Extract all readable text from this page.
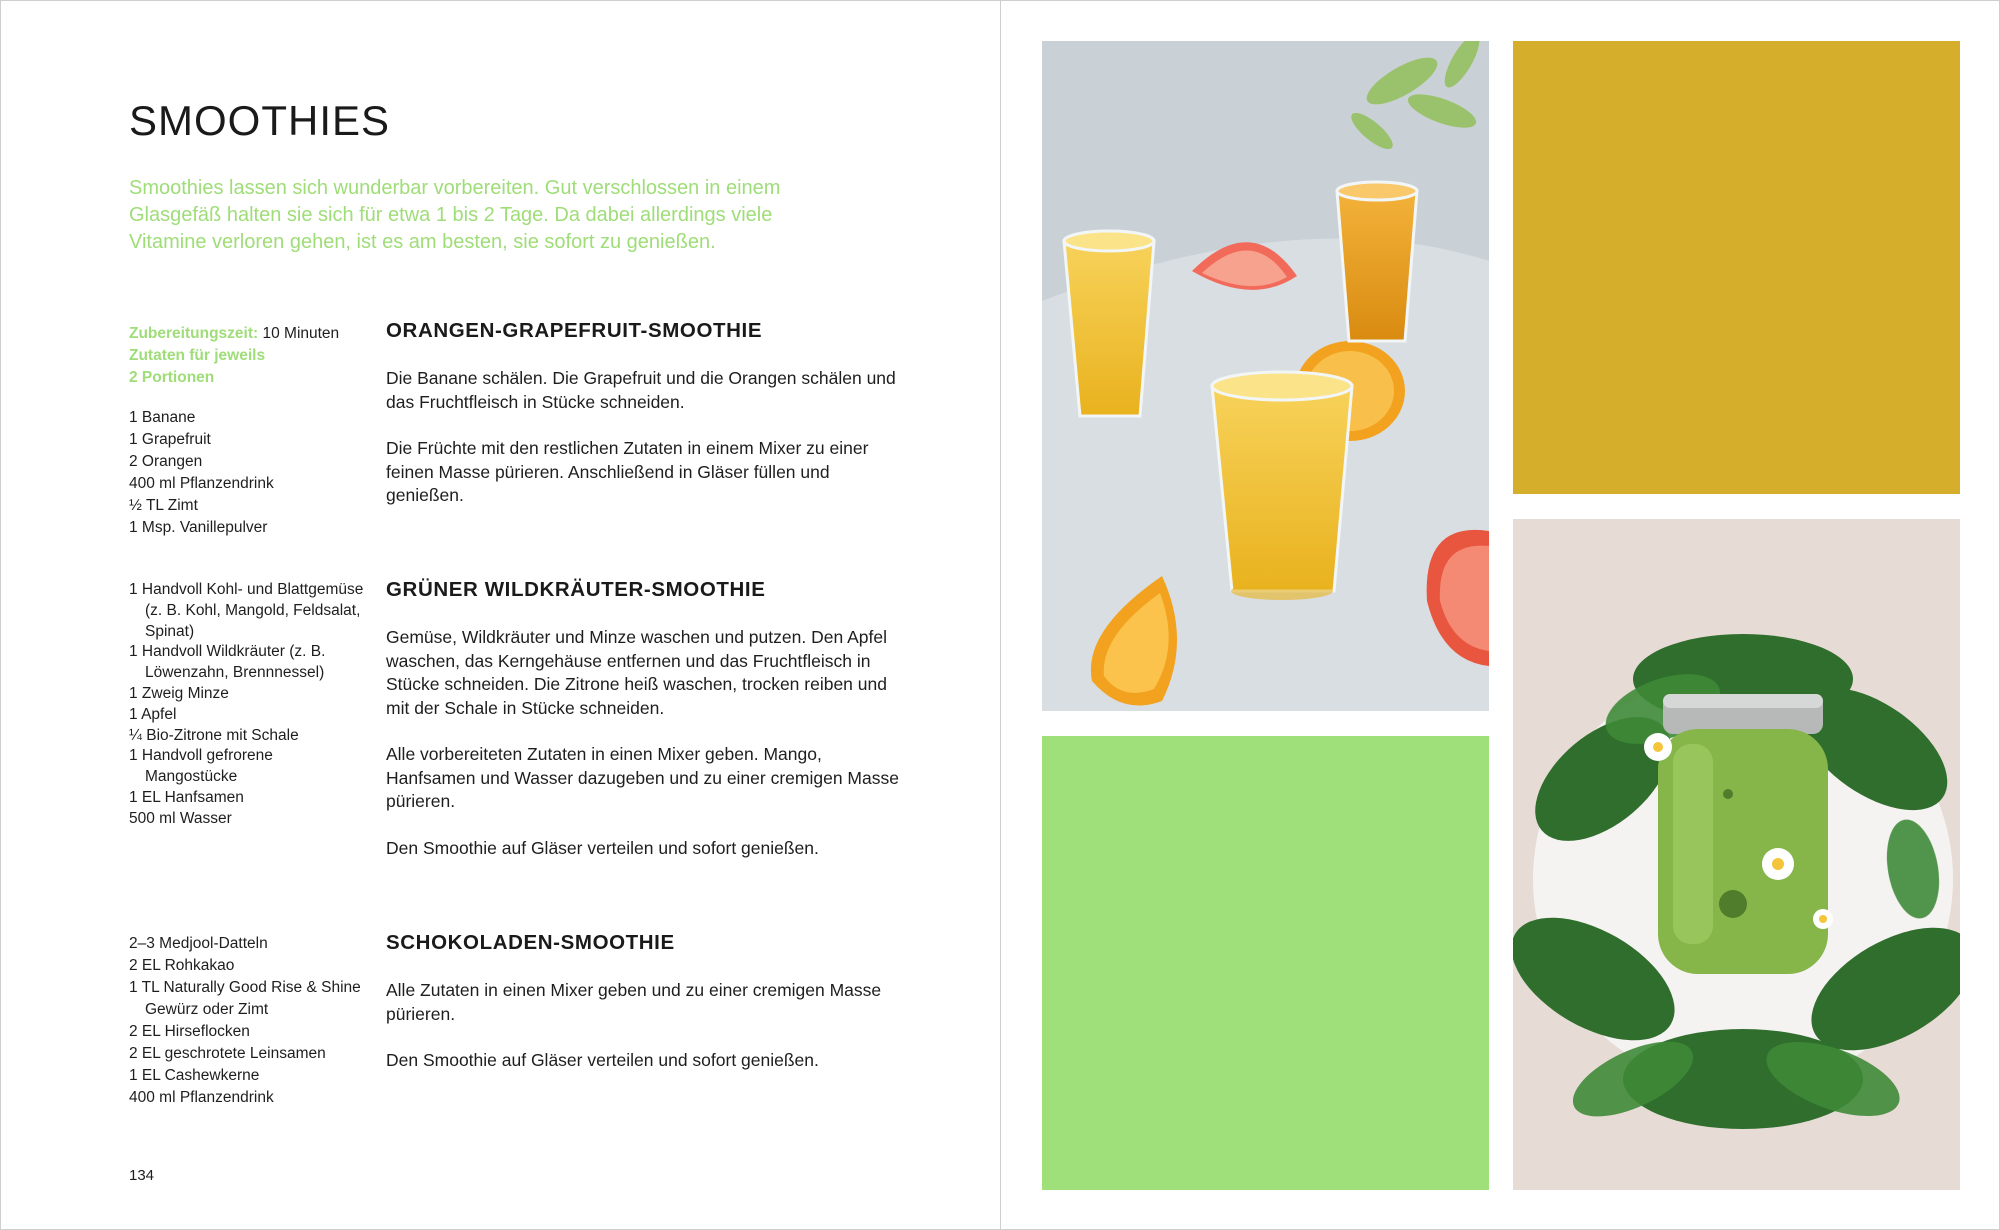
SMOOTHIES

Smoothies lassen sich wunderbar vorbereiten. Gut verschlossen in einem Glasgefäß halten sie sich für etwa 1 bis 2 Tage. Da dabei allerdings viele Vitamine verloren gehen, ist es am besten, sie sofort zu genießen.

Zubereitungszeit: 10 Minuten
Zutaten für jeweils
2 Portionen
1 Banane
1 Grapefruit
2 Orangen
400 ml Pflanzendrink
½ TL Zimt
1 Msp. Vanillepulver
1 Handvoll Kohl- und Blattgemüse (z. B. Kohl, Mangold, Feldsalat, Spinat)
1 Handvoll Wildkräuter (z. B. Löwenzahn, Brennnessel)
1 Zweig Minze
1 Apfel
¼ Bio-Zitrone mit Schale
1 Handvoll gefrorene Mangostücke
1 EL Hanfsamen
500 ml Wasser
2–3 Medjool-Datteln
2 EL Rohkakao
1 TL Naturally Good Rise & Shine Gewürz oder Zimt
2 EL Hirseflocken
2 EL geschrotete Leinsamen
1 EL Cashewkerne
400 ml Pflanzendrink
ORANGEN-GRAPEFRUIT-SMOOTHIE

Die Banane schälen. Die Grapefruit und die Orangen schälen und das Fruchtfleisch in Stücke schneiden.

Die Früchte mit den restlichen Zutaten in einem Mixer zu einer feinen Masse pürieren. Anschließend in Gläser füllen und genießen.

GRÜNER WILDKRÄUTER-SMOOTHIE

Gemüse, Wildkräuter und Minze waschen und putzen. Den Apfel waschen, das Kerngehäuse entfernen und das Fruchtfleisch in Stücke schneiden. Die Zitrone heiß waschen, trocken reiben und mit der Schale in Stücke schneiden.

Alle vorbereiteten Zutaten in einen Mixer geben. Mango, Hanfsamen und Wasser dazugeben und zu einer cremigen Masse pürieren.

Den Smoothie auf Gläser verteilen und sofort genießen.

SCHOKOLADEN-SMOOTHIE

Alle Zutaten in einen Mixer geben und zu einer cremigen Masse pürieren.

Den Smoothie auf Gläser verteilen und sofort genießen.

134
